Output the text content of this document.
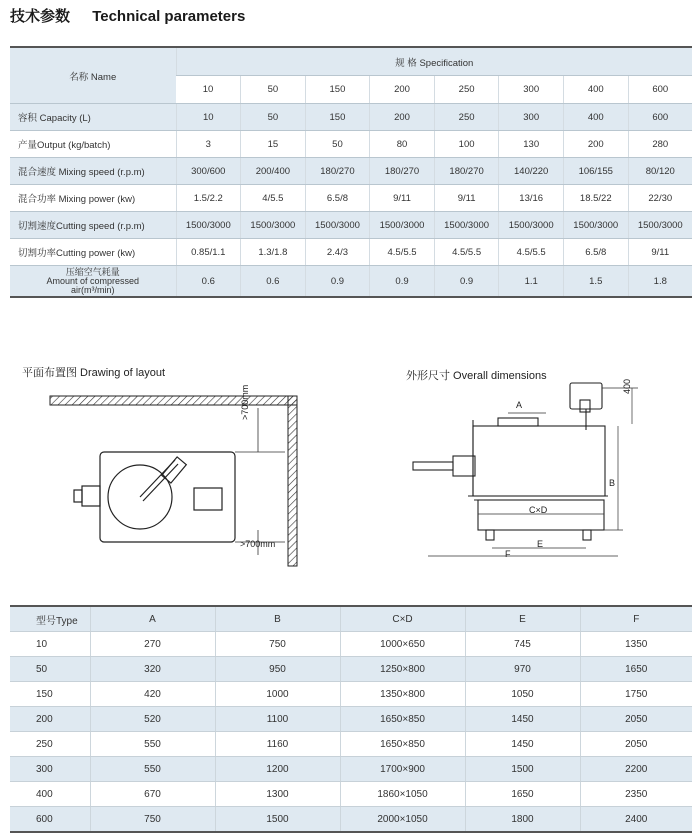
技术参数 Technical parameters
名称 Name	规 格 Specification							
	10	50	150	200	250	300	400	600
容积 Capacity (L)	10	50	150	200	250	300	400	600
产量Output (kg/batch)	3	15	50	80	100	130	200	280
混合速度 Mixing speed (r.p.m)	300/600	200/400	180/270	180/270	180/270	140/220	106/155	80/120
混合功率 Mixing power (kw)	1.5/2.2	4/5.5	6.5/8	9/11	9/11	13/16	18.5/22	22/30
切割速度Cutting speed (r.p.m)	1500/3000	1500/3000	1500/3000	1500/3000	1500/3000	1500/3000	1500/3000	1500/3000
切割功率Cutting power (kw)	0.85/1.1	1.3/1.8	2.4/3	4.5/5.5	4.5/5.5	4.5/5.5	6.5/8	9/11

压缩空气耗量
Amount of compressed
air(m³/min)	0.6	0.6	0.9	0.9	0.9	1.1	1.5	1.8
平面布置图 Drawing of layout
>700mm
>700mm
外形尺寸 Overall dimensions
A
B
C×D
E
F
400
型号Type	A	B	C×D	E	F
10	270	750	1000×650	745	1350
50	320	950	1250×800	970	1650
150	420	1000	1350×800	1050	1750
200	520	1100	1650×850	1450	2050
250	550	1160	1650×850	1450	2050
300	550	1200	1700×900	1500	2200
400	670	1300	1860×1050	1650	2350
600	750	1500	2000×1050	1800	2400
